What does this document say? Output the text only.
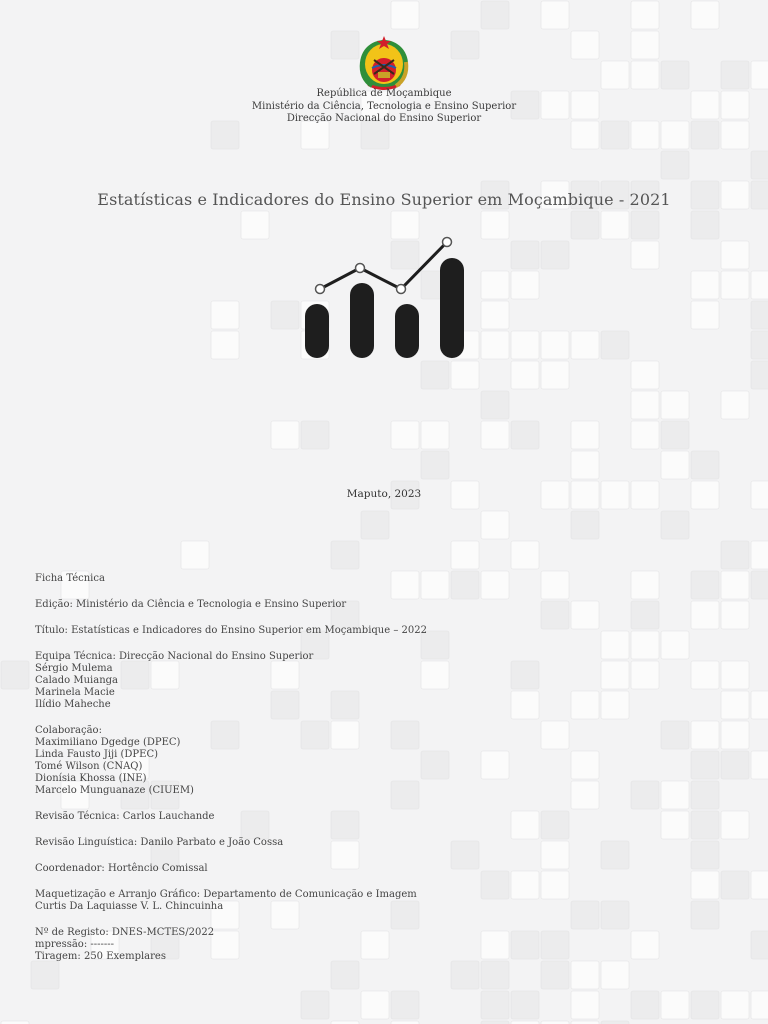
República de Moçambique
Ministério da Ciência, Tecnologia e Ensino Superior
Direcção Nacional do Ensino Superior
Estatísticas e Indicadores do Ensino Superior em Moçambique - 2021
Maputo, 2023
Ficha Técnica
Edição: Ministério da Ciência e Tecnologia e Ensino Superior
Título: Estatísticas e Indicadores do Ensino Superior em Moçambique – 2022
Equipa Técnica: Direcção Nacional do Ensino Superior
Sérgio Mulema
Calado Muianga
Marinela Macie
Ilídio Maheche
Colaboração:
Maximiliano Dgedge (DPEC)
Linda Fausto Jiji (DPEC)
Tomé Wilson (CNAQ)
Dionísia Khossa (INE)
Marcelo Munguanaze (CIUEM)
Revisão Técnica: Carlos Lauchande
Revisão Linguística: Danilo Parbato e João Cossa
Coordenador: Hortêncio Comissal
Maquetização e Arranjo Gráfico: Departamento de Comunicação e Imagem
Curtis Da Laquiasse V. L. Chincuinha
Nº de Registo: DNES-MCTES/2022
mpressão: -------
Tiragem: 250 Exemplares
